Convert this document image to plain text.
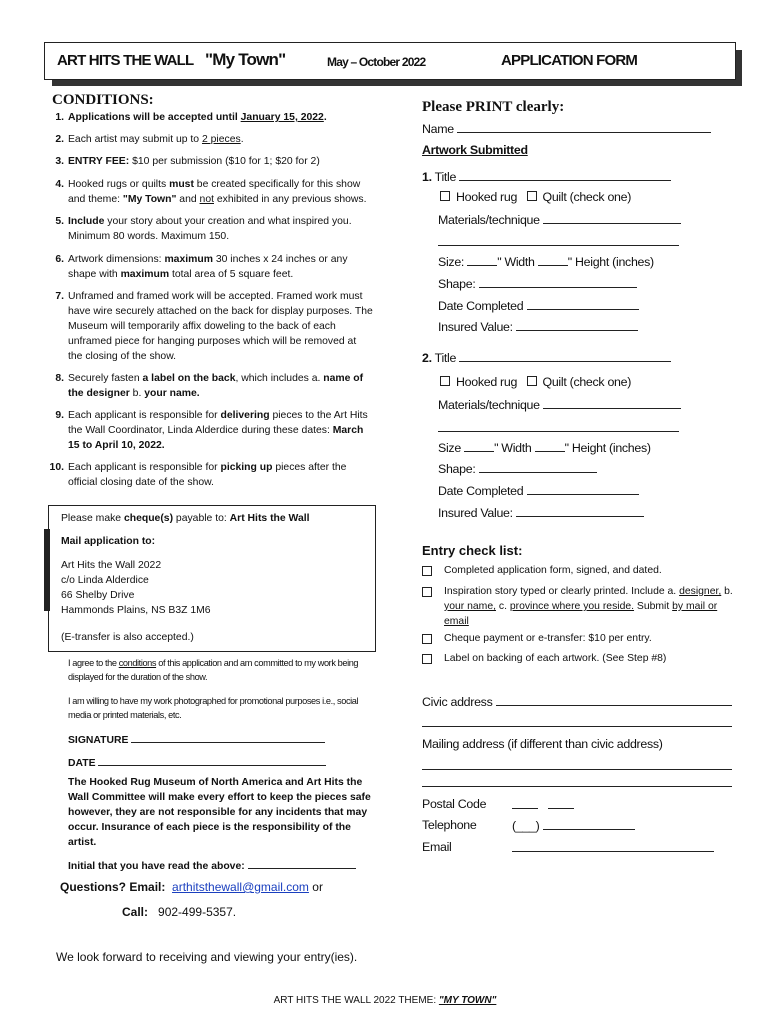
ART HITS THE WALL "My Town"	May – October 2022	APPLICATION FORM
CONDITIONS:
1. Applications will be accepted until January 15, 2022.
2. Each artist may submit up to 2 pieces.
3. ENTRY FEE: $10 per submission ($10 for 1; $20 for 2)
4. Hooked rugs or quilts must be created specifically for this show and theme: "My Town" and not exhibited in any previous shows.
5. Include your story about your creation and what inspired you. Minimum 80 words. Maximum 150.
6. Artwork dimensions: maximum 30 inches x 24 inches or any shape with maximum total area of 5 square feet.
7. Unframed and framed work will be accepted. Framed work must have wire securely attached on the back for display purposes. The Museum will temporarily affix doweling to the back of each unframed piece for hanging purposes which will be removed at the closing of the show.
8. Securely fasten a label on the back, which includes a. name of the designer b. your name.
9. Each applicant is responsible for delivering pieces to the Art Hits the Wall Coordinator, Linda Alderdice during these dates: March 15 to April 10, 2022.
10. Each applicant is responsible for picking up pieces after the official closing date of the show.
Please make cheque(s) payable to: Art Hits the Wall
Mail application to:
Art Hits the Wall 2022
c/o Linda Alderdice
66 Shelby Drive
Hammonds Plains, NS B3Z 1M6
(E-transfer is also accepted.)
I agree to the conditions of this application and am committed to my work being displayed for the duration of the show.
I am willing to have my work photographed for promotional purposes i.e., social media or printed materials, etc.
SIGNATURE
DATE
The Hooked Rug Museum of North America and Art Hits the Wall Committee will make every effort to keep the pieces safe however, they are not responsible for any incidents that may occur. Insurance of each piece is the responsibility of the artist.
Initial that you have read the above:
Questions? Email: arthitsthewall@gmail.com or
Call: 902-499-5357.
We look forward to receiving and viewing your entry(ies).
ART HITS THE WALL 2022 THEME: "MY TOWN"
Please PRINT clearly:
Name
Artwork Submitted
1. Title
Hooked rug Quilt (check one)
Materials/technique
Size:	" Width	" Height (inches)
Shape:
Date Completed
Insured Value:
2. Title
Hooked rug Quilt (check one)
Materials/technique
Size	" Width	" Height (inches)
Shape:
Date Completed
Insured Value:
Entry check list:
Completed application form, signed, and dated.
Inspiration story typed or clearly printed. Include a. designer, b. your name, c. province where you reside. Submit by mail or email
Cheque payment or e-transfer: $10 per entry.
Label on backing of each artwork. (See Step #8)
Civic address
Mailing address (if different than civic address)
Postal Code
Telephone	(___)
Email
